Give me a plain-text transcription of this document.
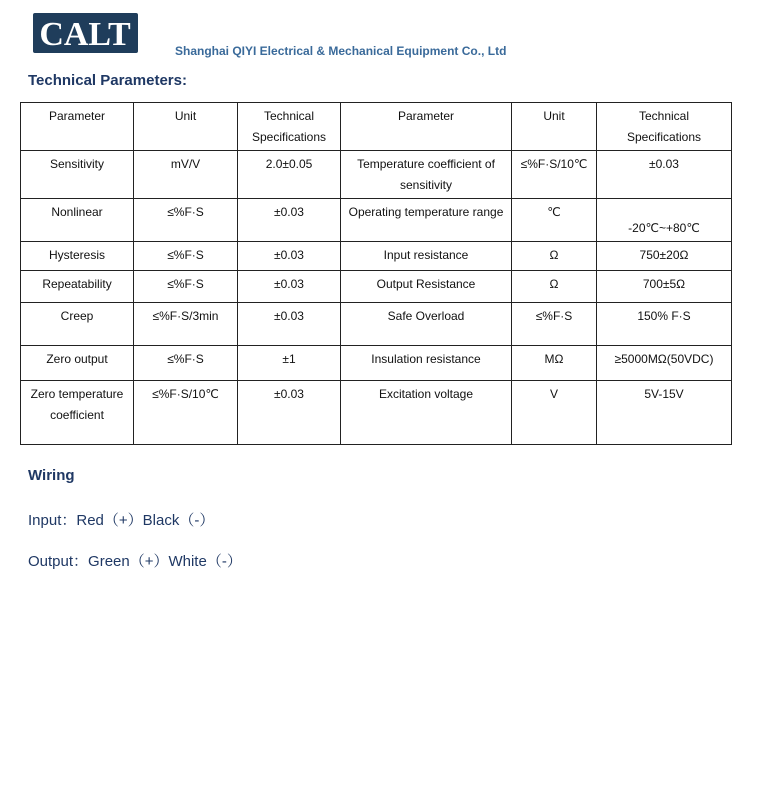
CALT	Shanghai QIYI Electrical & Mechanical Equipment Co., Ltd
Technical Parameters:
Parameter	Unit	Technical Specifications	Parameter	Unit	Technical Specifications
Sensitivity	mV/V	2.0±0.05	Temperature coefficient of sensitivity	≤%F·S/10℃	±0.03
Nonlinear	≤%F·S	±0.03	Operating temperature range	℃	-20℃~+80℃
Hysteresis	≤%F·S	±0.03	Input resistance	Ω	750±20Ω
Repeatability	≤%F·S	±0.03	Output Resistance	Ω	700±5Ω
Creep	≤%F·S/3min	±0.03	Safe Overload	≤%F·S	150% F·S
Zero output	≤%F·S	±1	Insulation resistance	MΩ	≥5000MΩ(50VDC)
Zero temperature coefficient	≤%F·S/10℃	±0.03	Excitation voltage	V	5V-15V
Wiring
Input：Red（+）Black（-）
Output：Green（+）White（-）
